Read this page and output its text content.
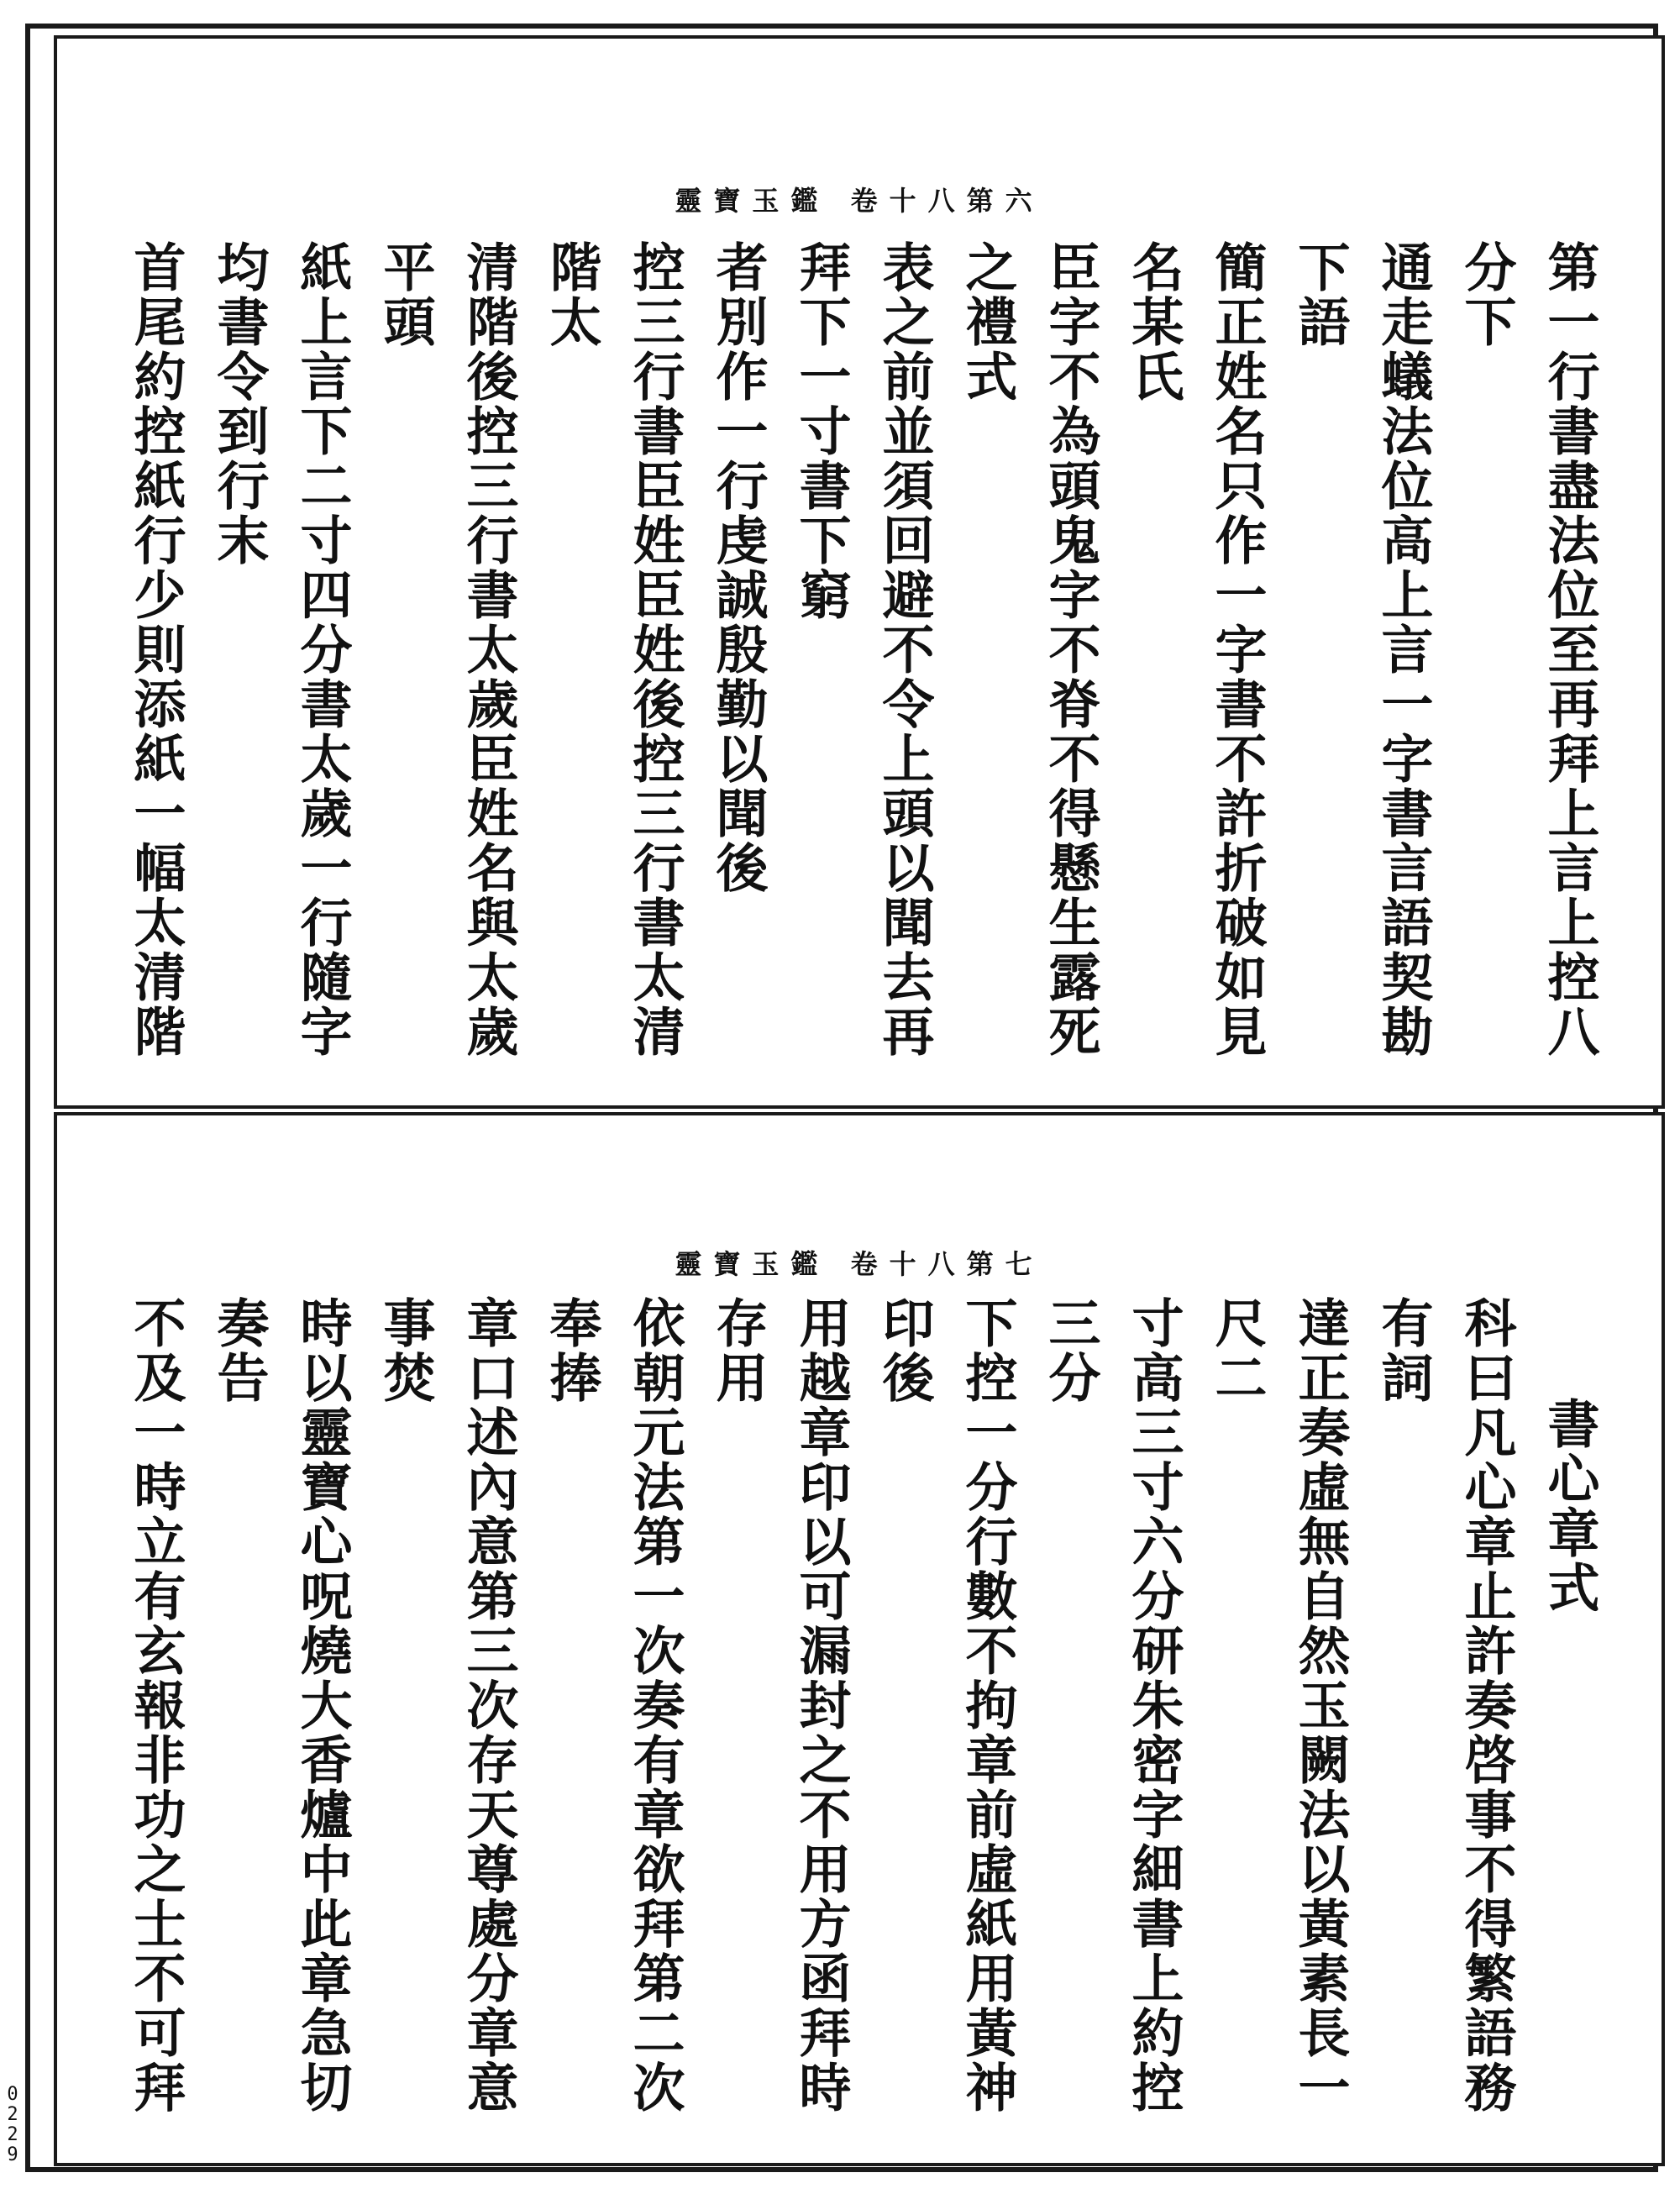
靈寶玉鑑 卷十八第六
第一行書盡法位至再拜上言上控八分下
通走蟻法位高上言一字書言語契勘下語
簡正姓名只作一字書不許折破如見名某氏
臣字不為頭鬼字不脊不得懸生露死之禮式
表之前並須回避不令上頭以聞去再拜下一寸書下窮
者別作一行虔誠殷勤以聞後
控三行書臣姓臣姓後控三行書太清階太
清階後控三行書太歲臣姓名與太歲平頭
紙上言下二寸四分書太歲一行隨字均書令到行末
首尾約控紙行少則添紙一幅太清階
靈寶玉鑑 卷十八第七
書心章式
科曰凡心章止許奏啓事不得繁語務有詞
達正奏虛無自然玉闕法以黃素長一尺二
寸高三寸六分研朱密字細書上約控三分
下控一分行數不拘章前虛紙用黃神印後
用越章印以可漏封之不用方函拜時存用
依朝元法第一次奏有章欲拜第二次奉捧
章口述內意第三次存天尊處分章意事焚
時以靈寶心呪燒大香爐中此章急切奏告
不及一時立有玄報非功之士不可拜
0
2
2
9
